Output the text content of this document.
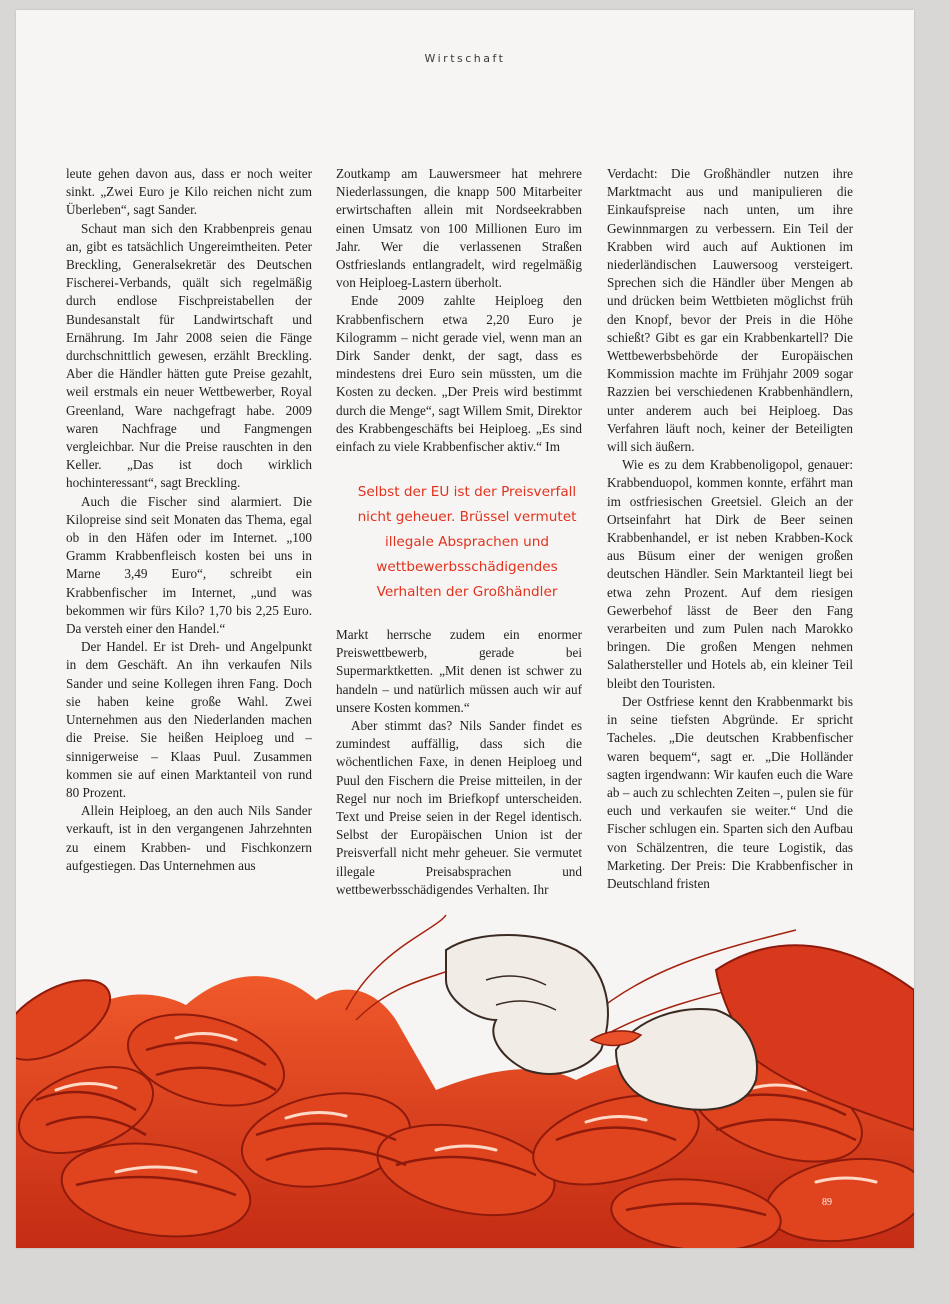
Wirtschaft

leute gehen davon aus, dass er noch weiter sinkt. „Zwei Euro je Kilo reichen nicht zum Überleben“, sagt Sander.

Schaut man sich den Krabbenpreis genau an, gibt es tatsächlich Ungereimtheiten. Peter Breckling, Generalsekretär des Deutschen Fischerei-Verbands, quält sich regelmäßig durch endlose Fischpreistabellen der Bundesanstalt für Landwirtschaft und Ernährung. Im Jahr 2008 seien die Fänge durchschnittlich gewesen, erzählt Breckling. Aber die Händler hätten gute Preise gezahlt, weil erstmals ein neuer Wettbewerber, Royal Greenland, Ware nachgefragt habe. 2009 waren Nachfrage und Fangmengen vergleichbar. Nur die Preise rauschten in den Keller. „Das ist doch wirklich hochinteressant“, sagt Breckling.

Auch die Fischer sind alarmiert. Die Kilopreise sind seit Monaten das Thema, egal ob in den Häfen oder im Internet. „100 Gramm Krabbenfleisch kosten bei uns in Marne 3,49 Euro“, schreibt ein Krabbenfischer im Internet, „und was bekommen wir fürs Kilo? 1,70 bis 2,25 Euro. Da versteh einer den Handel.“

Der Handel. Er ist Dreh- und Angelpunkt in dem Geschäft. An ihn verkaufen Nils Sander und seine Kollegen ihren Fang. Doch sie haben keine große Wahl. Zwei Unternehmen aus den Niederlanden machen die Preise. Sie heißen Heiploeg und – sinnigerweise – Klaas Puul. Zusammen kommen sie auf einen Marktanteil von rund 80 Prozent.

Allein Heiploeg, an den auch Nils Sander verkauft, ist in den vergangenen Jahrzehnten zu einem Krabben- und Fischkonzern aufgestiegen. Das Unternehmen aus

Zoutkamp am Lauwersmeer hat mehrere Niederlassungen, die knapp 500 Mitarbeiter erwirtschaften allein mit Nordseekrabben einen Umsatz von 100 Millionen Euro im Jahr. Wer die verlassenen Straßen Ostfrieslands entlangradelt, wird regelmäßig von Heiploeg-Lastern überholt.

Ende 2009 zahlte Heiploeg den Krabbenfischern etwa 2,20 Euro je Kilogramm – nicht gerade viel, wenn man an Dirk Sander denkt, der sagt, dass es mindestens drei Euro sein müssten, um die Kosten zu decken. „Der Preis wird bestimmt durch die Menge“, sagt Willem Smit, Direktor des Krabbengeschäfts bei Heiploeg. „Es sind einfach zu viele Krabbenfischer aktiv.“ Im

Selbst der EU ist der Preisverfall
nicht geheuer. Brüssel vermutet
illegale Absprachen und
wettbewerbsschädigendes
Verhalten der Großhändler

Markt herrsche zudem ein enormer Preiswettbewerb, gerade bei Supermarktketten. „Mit denen ist schwer zu handeln – und natürlich müssen auch wir auf unsere Kosten kommen.“

Aber stimmt das? Nils Sander findet es zumindest auffällig, dass sich die wöchentlichen Faxe, in denen Heiploeg und Puul den Fischern die Preise mitteilen, in der Regel nur noch im Briefkopf unterscheiden. Text und Preise seien in der Regel identisch. Selbst der Europäischen Union ist der Preisverfall nicht mehr geheuer. Sie vermutet illegale Preisabsprachen und wettbewerbsschädigendes Verhalten. Ihr

Verdacht: Die Großhändler nutzen ihre Marktmacht aus und manipulieren die Einkaufspreise nach unten, um ihre Gewinnmargen zu verbessern. Ein Teil der Krabben wird auch auf Auktionen im niederländischen Lauwersoog versteigert. Sprechen sich die Händler über Mengen ab und drücken beim Wettbieten möglichst früh den Knopf, bevor der Preis in die Höhe schießt? Gibt es gar ein Krabbenkartell? Die Wettbewerbsbehörde der Europäischen Kommission machte im Frühjahr 2009 sogar Razzien bei verschiedenen Krabbenhändlern, unter anderem auch bei Heiploeg. Das Verfahren läuft noch, keiner der Beteiligten will sich äußern.

Wie es zu dem Krabbenoligopol, genauer: Krabbenduopol, kommen konnte, erfährt man im ostfriesischen Greetsiel. Gleich an der Ortseinfahrt hat Dirk de Beer seinen Krabbenhandel, er ist neben Krabben-Kock aus Büsum einer der wenigen großen deutschen Händler. Sein Marktanteil liegt bei etwa zehn Prozent. Auf dem riesigen Gewerbehof lässt de Beer den Fang verarbeiten und zum Pulen nach Marokko bringen. Die großen Mengen nehmen Salathersteller und Hotels ab, ein kleiner Teil bleibt den Touristen.

Der Ostfriese kennt den Krabbenmarkt bis in seine tiefsten Abgründe. Er spricht Tacheles. „Die deutschen Krabbenfischer waren bequem“, sagt er. „Die Holländer sagten irgendwann: Wir kaufen euch die Ware ab – auch zu schlechten Zeiten –, pulen sie für euch und verkaufen sie weiter.“ Und die Fischer schlugen ein. Sparten sich den Aufbau von Schälzentren, die teure Logistik, das Marketing. Der Preis: Die Krabbenfischer in Deutschland fristen

89
